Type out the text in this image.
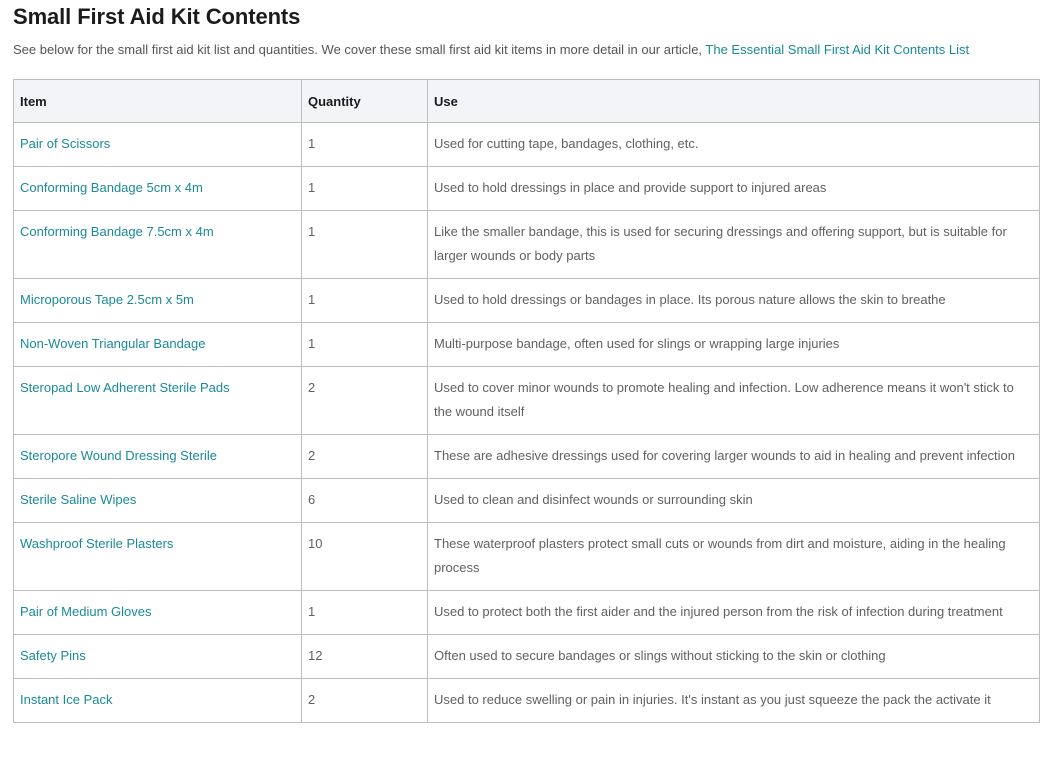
Small First Aid Kit Contents

See below for the small first aid kit list and quantities. We cover these small first aid kit items in more detail in our article, The Essential Small First Aid Kit Contents List

Item	Quantity	Use
Pair of Scissors	1	Used for cutting tape, bandages, clothing, etc.
Conforming Bandage 5cm x 4m	1	Used to hold dressings in place and provide support to injured areas
Conforming Bandage 7.5cm x 4m	1	Like the smaller bandage, this is used for securing dressings and offering support, but is suitable for larger wounds or body parts
Microporous Tape 2.5cm x 5m	1	Used to hold dressings or bandages in place. Its porous nature allows the skin to breathe
Non-Woven Triangular Bandage	1	Multi-purpose bandage, often used for slings or wrapping large injuries
Steropad Low Adherent Sterile Pads	2	Used to cover minor wounds to promote healing and infection. Low adherence means it won't stick to the wound itself
Steropore Wound Dressing Sterile	2	These are adhesive dressings used for covering larger wounds to aid in healing and prevent infection
Sterile Saline Wipes	6	Used to clean and disinfect wounds or surrounding skin
Washproof Sterile Plasters	10	These waterproof plasters protect small cuts or wounds from dirt and moisture, aiding in the healing process
Pair of Medium Gloves	1	Used to protect both the first aider and the injured person from the risk of infection during treatment
Safety Pins	12	Often used to secure bandages or slings without sticking to the skin or clothing
Instant Ice Pack	2	Used to reduce swelling or pain in injuries. It's instant as you just squeeze the pack the activate it
